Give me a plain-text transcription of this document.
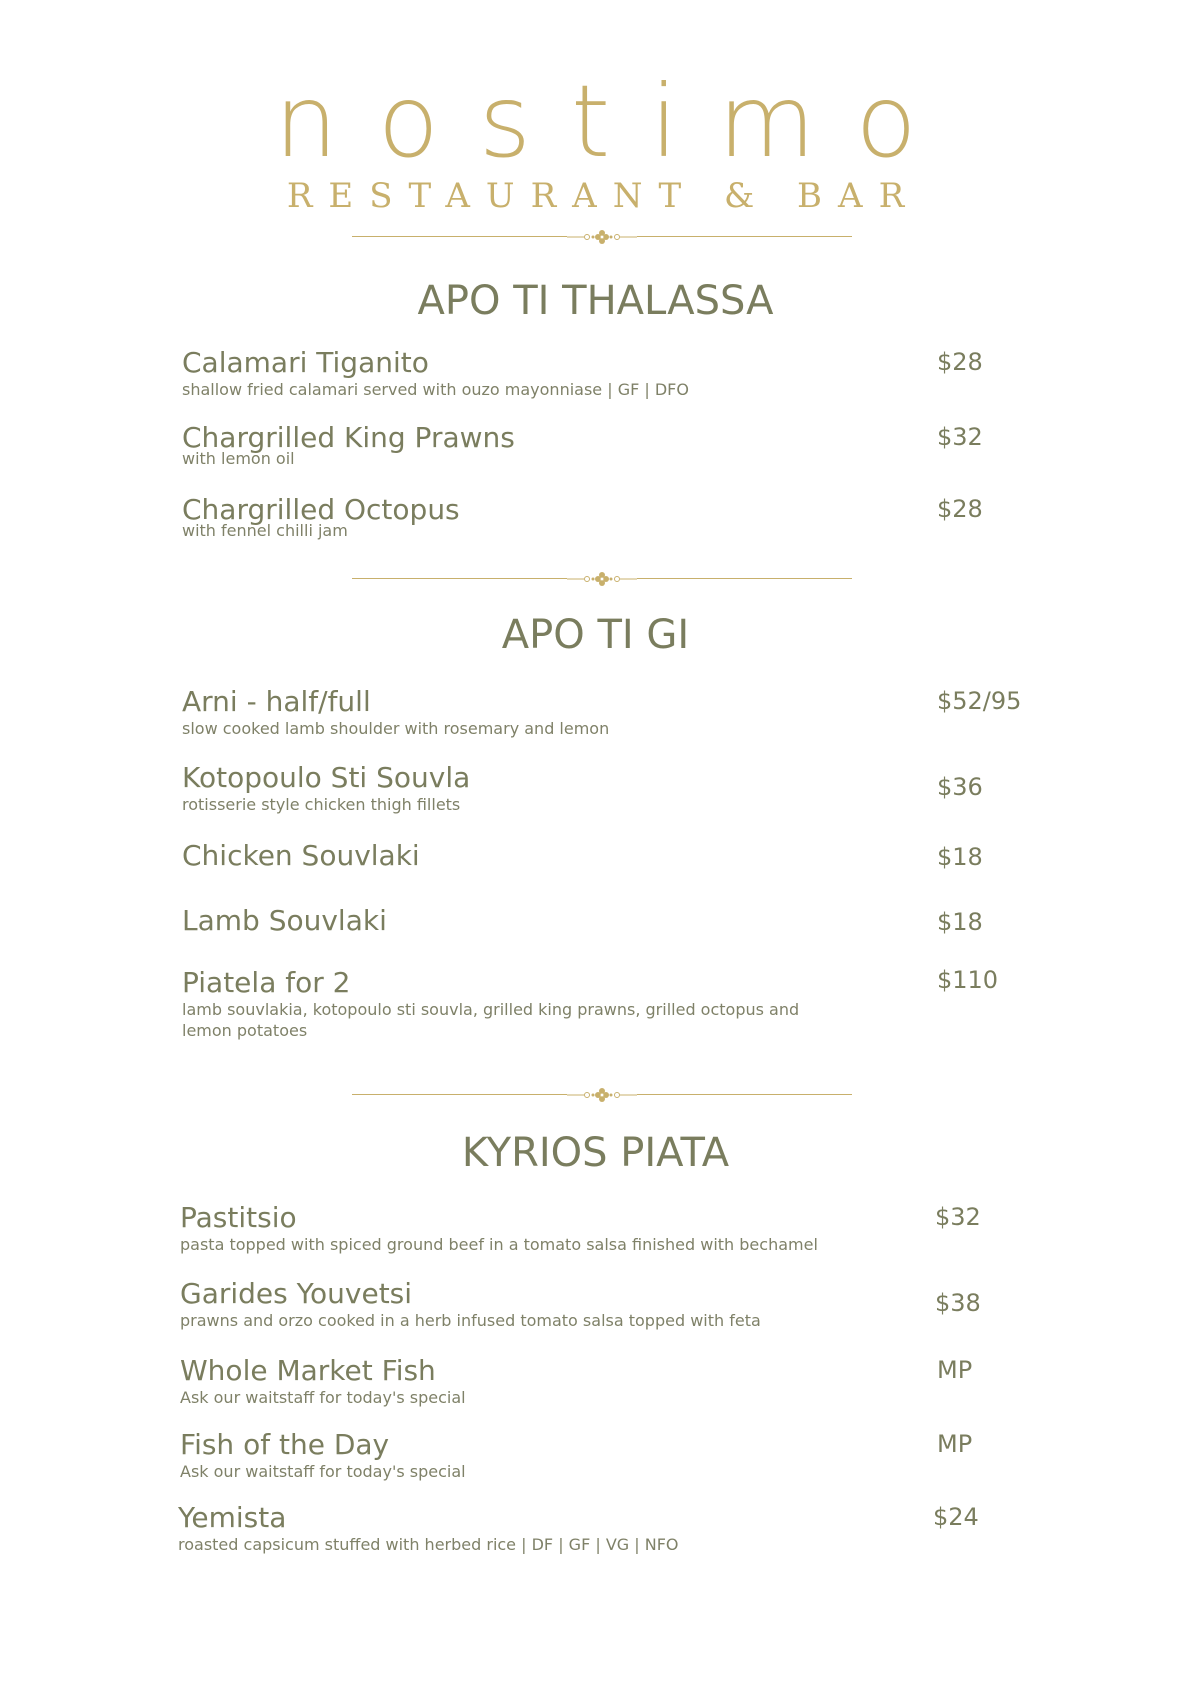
nostimo
RESTAURANT & BAR
APO TI THALASSA
Calamari Tiganito
shallow fried calamari served with ouzo mayonniase | GF | DFO
$28
Chargrilled King Prawns
with lemon oil
$32
Chargrilled Octopus
with fennel chilli jam
$28
APO TI GI
Arni - half/full
slow cooked lamb shoulder with rosemary and lemon
$52/95
Kotopoulo Sti Souvla
rotisserie style chicken thigh fillets
$36
Chicken Souvlaki	$18
Lamb Souvlaki	$18
Piatela for 2
lamb souvlakia, kotopoulo sti souvla, grilled king prawns, grilled octopus and lemon potatoes
$110
KYRIOS PIATA
Pastitsio
pasta topped with spiced ground beef in a tomato salsa finished with bechamel
$32
Garides Youvetsi
prawns and orzo cooked in a herb infused tomato salsa topped with feta
$38
Whole Market Fish
Ask our waitstaff for today's special
MP
Fish of the Day
Ask our waitstaff for today's special
MP
Yemista
roasted capsicum stuffed with herbed rice | DF | GF | VG | NFO
$24
